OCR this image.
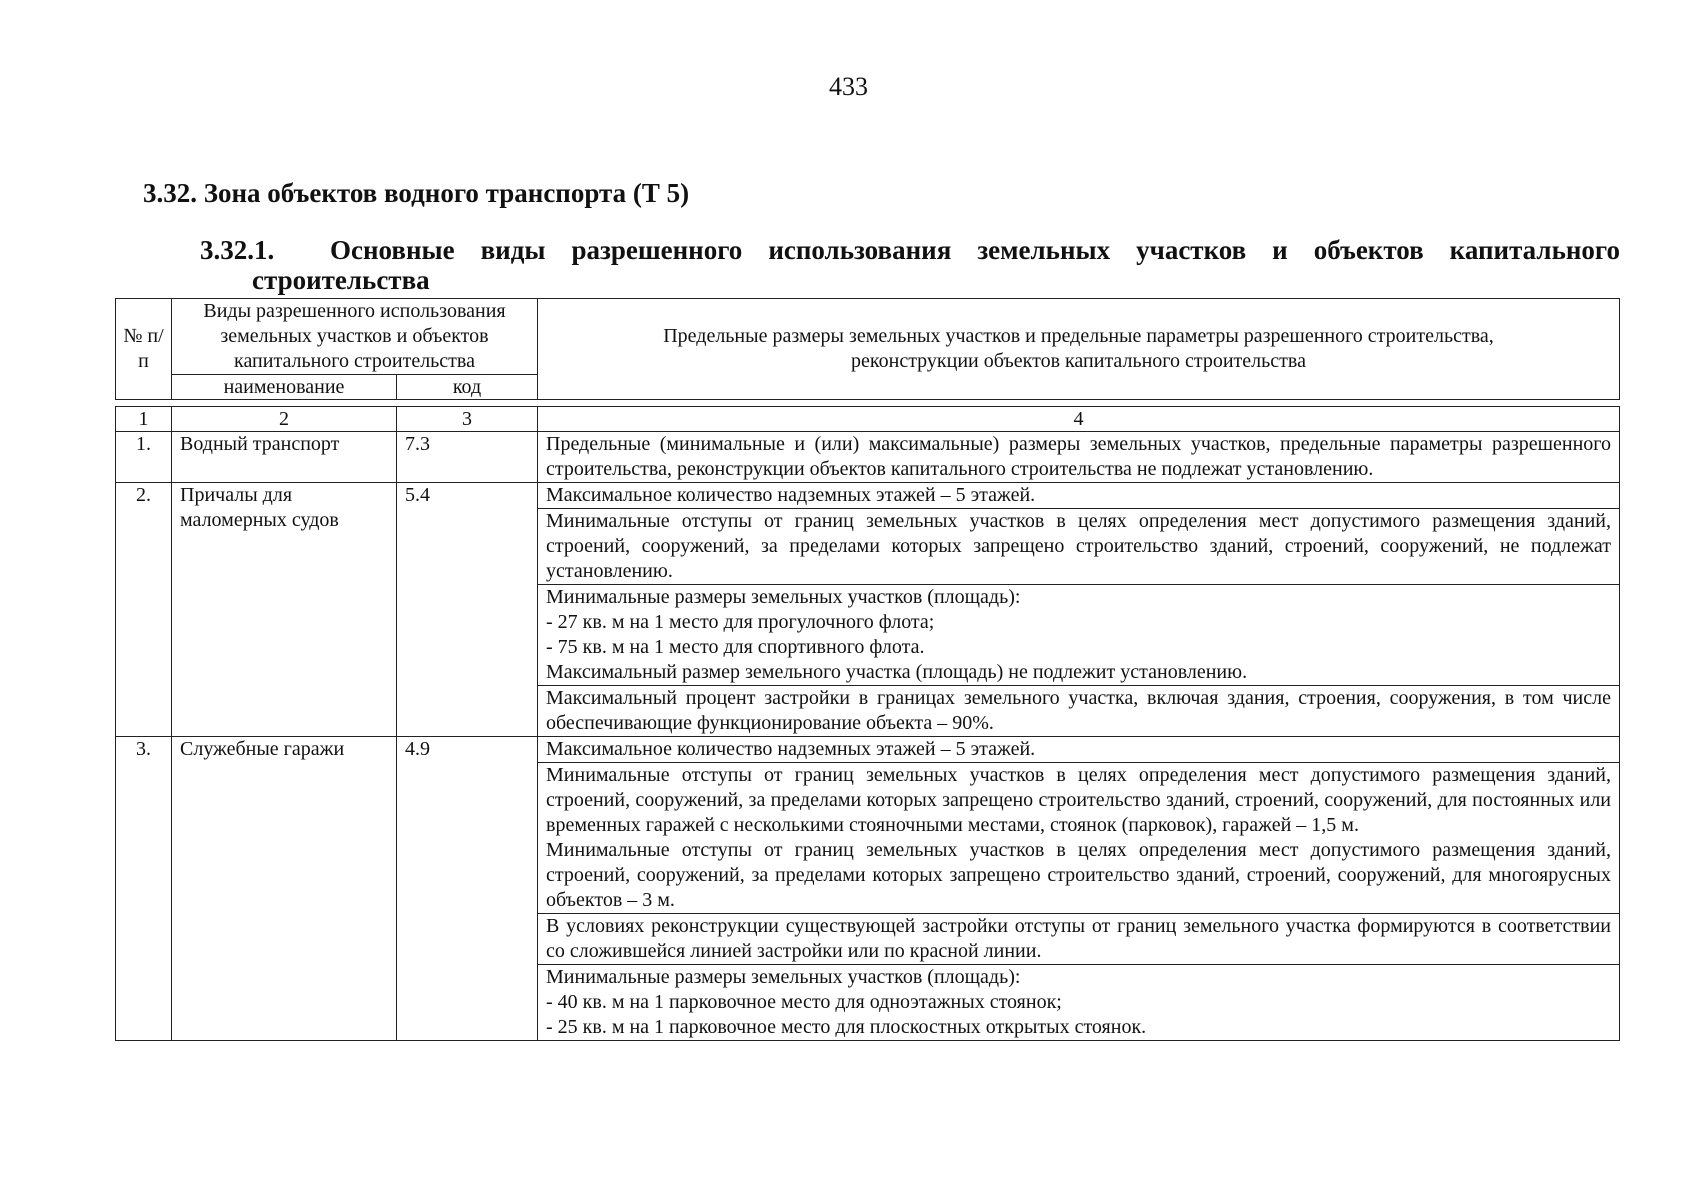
433
3.32. Зона объектов водного транспорта (Т 5)
3.32.1.	Основные виды разрешенного использования земельных участков и объектов капитального
строительства
№ п/п	Виды разрешенного использования земельных участков и объектов капитального строительства		Предельные размеры земельных участков и предельные параметры разрешенного строительства, реконструкции объектов капитального строительства
	наименование	код	
1	2	3	4
1.	Водный транспорт	7.3	Предельные (минимальные и (или) максимальные) размеры земельных участков, предельные параметры разрешенного строительства, реконструкции объектов капитального строительства не подлежат установлению.

2.	Причалы для маломерных судов	5.4	Максимальное количество надземных этажей – 5 этажей.

			Минимальные отступы от границ земельных участков в целях определения мест допустимого размещения зданий, строений, сооружений, за пределами которых запрещено строительство зданий, строений, сооружений, не подлежат установлению.

			Минимальные размеры земельных участков (площадь):
- 27 кв. м на 1 место для прогулочного флота;
- 75 кв. м на 1 место для спортивного флота.
Максимальный размер земельного участка (площадь) не подлежит установлению.

			Максимальный процент застройки в границах земельного участка, включая здания, строения, сооружения, в том числе обеспечивающие функционирование объекта – 90%.

3.	Служебные гаражи	4.9	Максимальное количество надземных этажей – 5 этажей.

			Минимальные отступы от границ земельных участков в целях определения мест допустимого размещения зданий, строений, сооружений, за пределами которых запрещено строительство зданий, строений, сооружений, для постоянных или временных гаражей с несколькими стояночными местами, стоянок (парковок), гаражей – 1,5 м.
Минимальные отступы от границ земельных участков в целях определения мест допустимого размещения зданий, строений, сооружений, за пределами которых запрещено строительство зданий, строений, сооружений, для многоярусных объектов – 3 м.

			В условиях реконструкции существующей застройки отступы от границ земельного участка формируются в соответствии со сложившейся линией застройки или по красной линии.

			Минимальные размеры земельных участков (площадь):
- 40 кв. м на 1 парковочное место для одноэтажных стоянок;
- 25 кв. м на 1 парковочное место для плоскостных открытых стоянок.
